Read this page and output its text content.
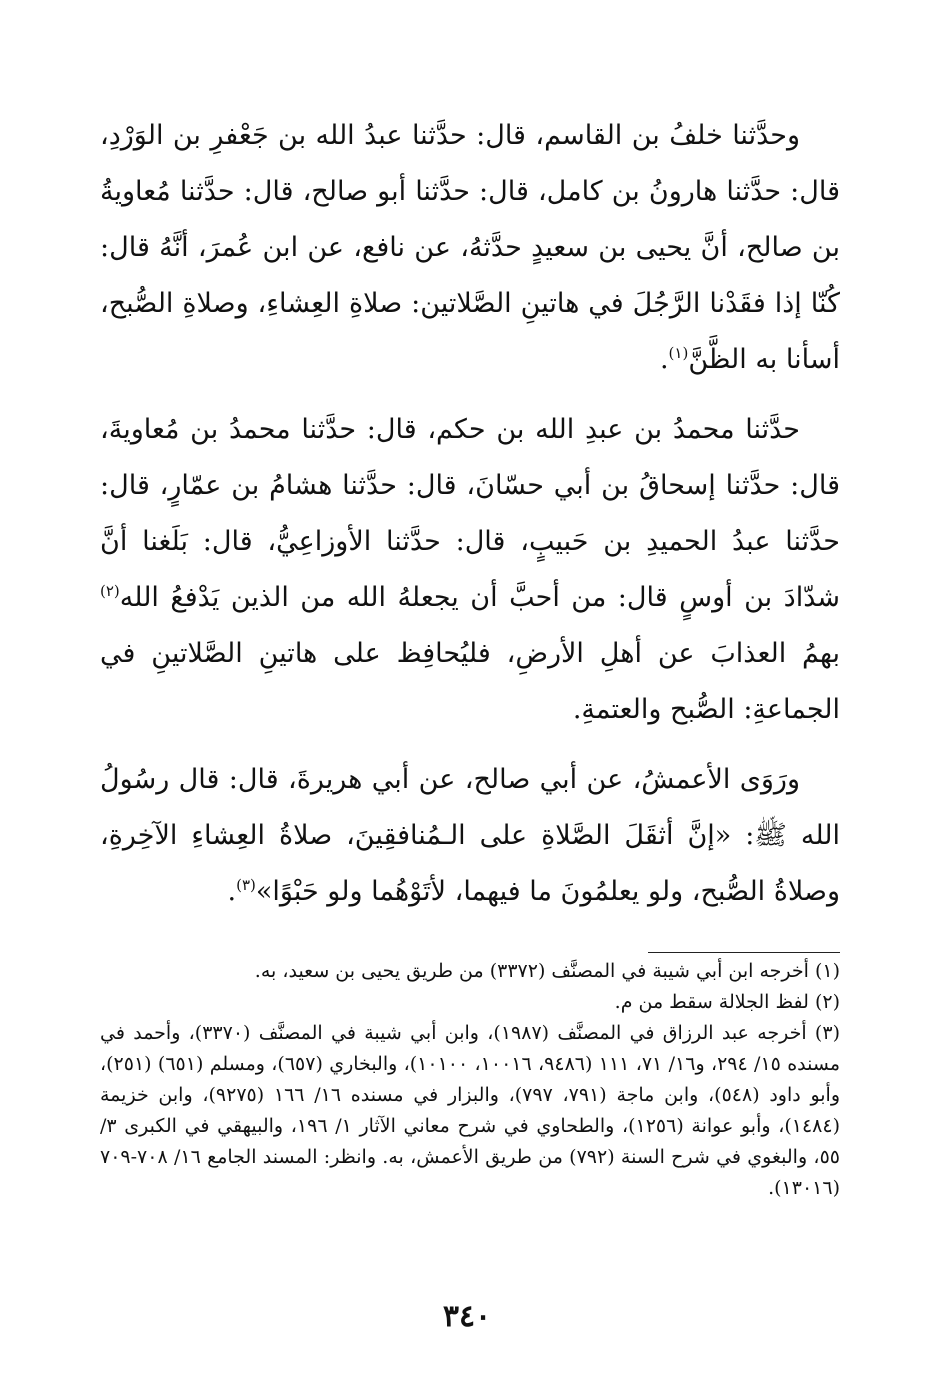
وحدَّثنا خلفُ بن القاسم، قال: حدَّثنا عبدُ الله بن جَعْفرِ بن الوَرْدِ، قال: حدَّثنا هارونُ بن كامل، قال: حدَّثنا أبو صالح، قال: حدَّثنا مُعاويةُ بن صالح، أنَّ يحيى بن سعيدٍ حدَّثهُ، عن نافع، عن ابن عُمرَ، أنَّهُ قال: كُنّا إذا فقَدْنا الرَّجُلَ في هاتينِ الصَّلاتين: صلاةِ العِشاءِ، وصلاةِ الصُّبح، أسأنا به الظَّنَّ$^{(١)}$.

حدَّثنا محمدُ بن عبدِ الله بن حكم، قال: حدَّثنا محمدُ بن مُعاويةَ، قال: حدَّثنا إسحاقُ بن أبي حسّانَ، قال: حدَّثنا هشامُ بن عمّارٍ، قال: حدَّثنا عبدُ الحميدِ بن حَبيبٍ، قال: حدَّثنا الأوزاعِيُّ، قال: بَلَغنا أنَّ شدّادَ بن أوسٍ قال: من أحبَّ أن يجعلهُ الله من الذين يَدْفعُ الله$^{(٢)}$ بهمُ العذابَ عن أهلِ الأرضِ، فليُحافِظ على هاتينِ الصَّلاتينِ في الجماعةِ: الصُّبح والعتمةِ.

ورَوَى الأعمشُ، عن أبي صالح، عن أبي هريرةَ، قال: قال رسُولُ الله ﷺ: «إنَّ أثقَلَ الصَّلاةِ على الـمُنافقِينَ، صلاةُ العِشاءِ الآخِرةِ، وصلاةُ الصُّبح، ولو يعلمُونَ ما فيهما، لأتَوْهُما ولو حَبْوًا»$^{(٣)}$.

(١) أخرجه ابن أبي شيبة في المصنَّف (٣٣٧٢) من طريق يحيى بن سعيد، به.

(٢) لفظ الجلالة سقط من م.

(٣) أخرجه عبد الرزاق في المصنَّف (١٩٨٧)، وابن أبي شيبة في المصنَّف (٣٣٧٠)، وأحمد في مسنده ١٥/ ٢٩٤، و١٦/ ٧١، ١١١ (٩٤٨٦، ١٠٠١٦، ١٠١٠٠)، والبخاري (٦٥٧)، ومسلم (٦٥١) (٢٥١)، وأبو داود (٥٤٨)، وابن ماجة (٧٩١، ٧٩٧)، والبزار في مسنده ١٦/ ١٦٦ (٩٢٧٥)، وابن خزيمة (١٤٨٤)، وأبو عوانة (١٢٥٦)، والطحاوي في شرح معاني الآثار ١/ ١٩٦، والبيهقي في الكبرى ٣/ ٥٥، والبغوي في شرح السنة (٧٩٢) من طريق الأعمش، به. وانظر: المسند الجامع ١٦/ ٧٠٨-٧٠٩ (١٣٠١٦).

٣٤٠
